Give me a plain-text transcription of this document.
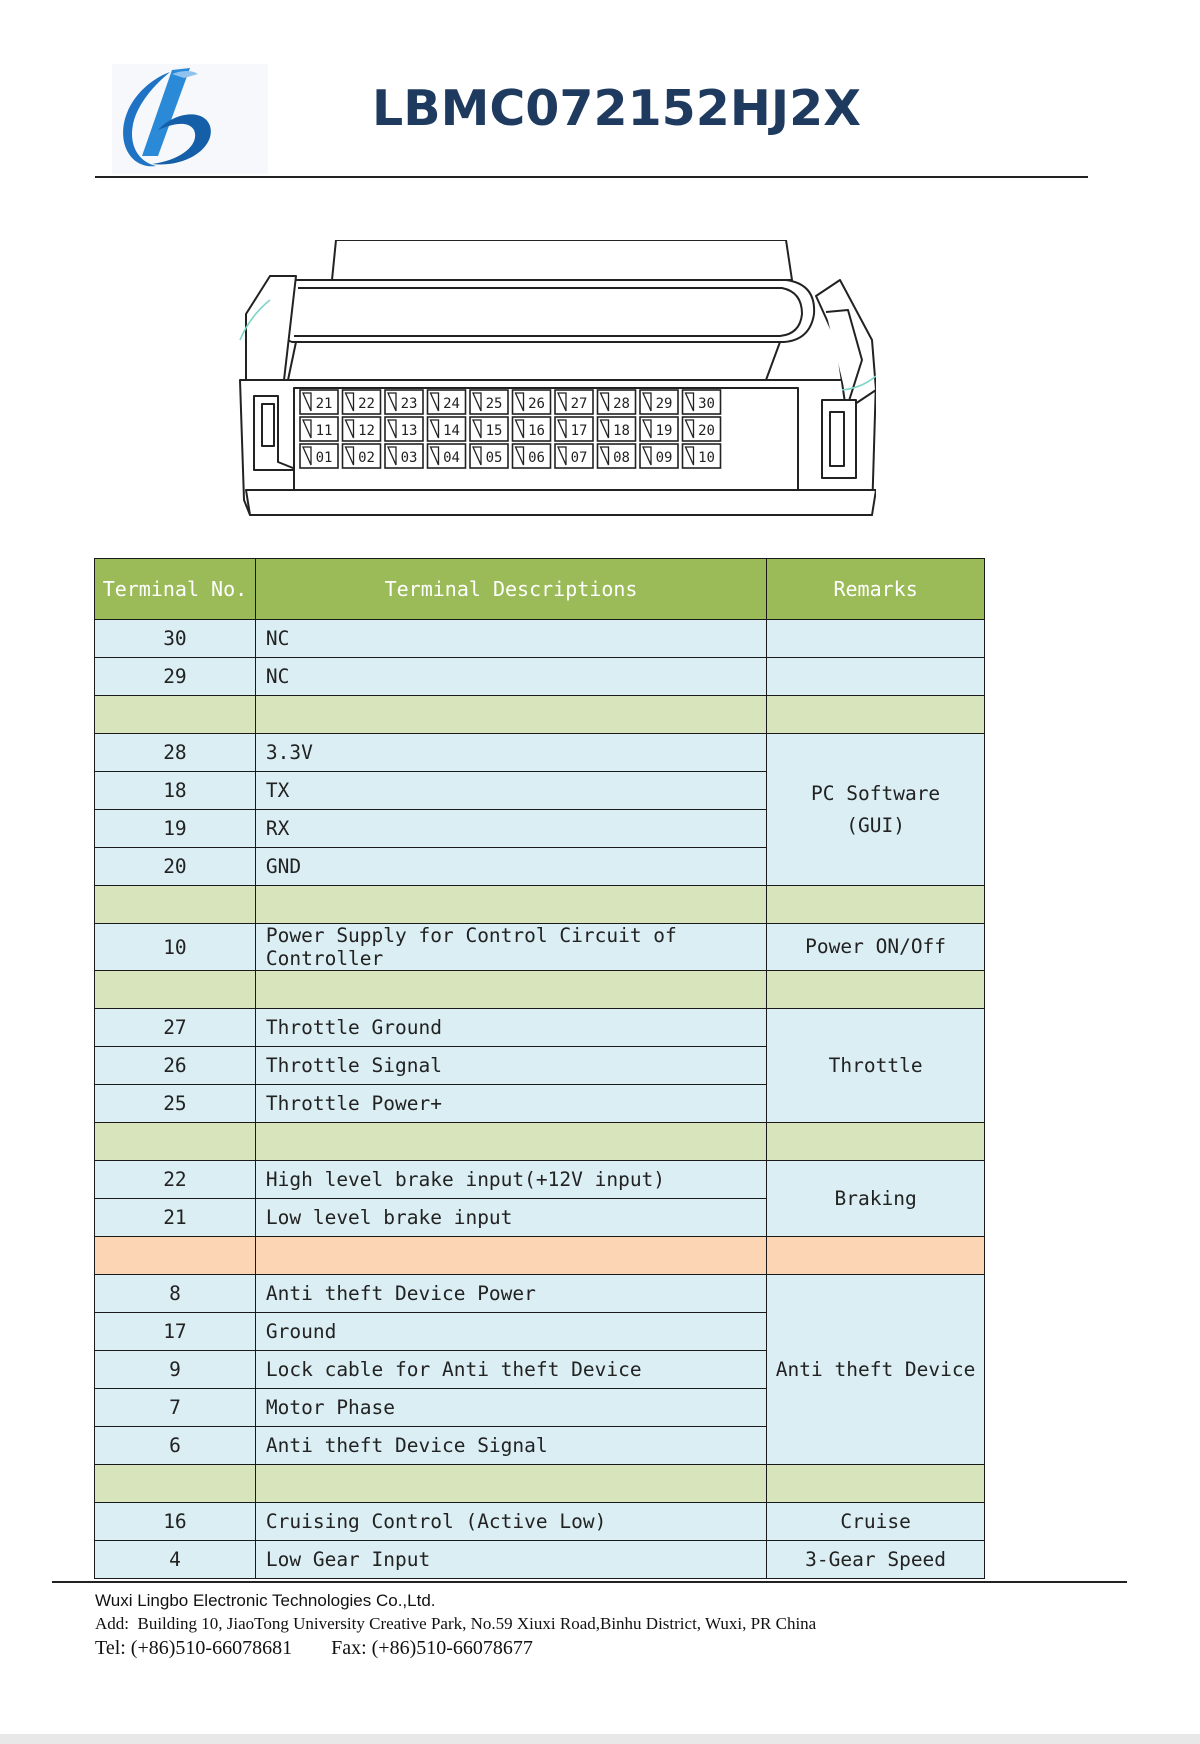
LBMC072152HJ2X
21 22 23 24 25 26 27 28 29 30
11 12 13 14 15 16 17 18 19 20
01 02 03 04 05 06 07 08 09 10
Terminal No.	Terminal Descriptions	Remarks
30	NC	
29	NC	

28	3.3V	PC Software
(GUI)
18	TX	
19	RX	
20	GND	

10	Power Supply for Control Circuit of Controller	Power ON/Off

27	Throttle Ground	Throttle
26	Throttle Signal	
25	Throttle Power+	

22	High level brake input(+12V input)	Braking
21	Low level brake input	

8	Anti theft Device Power	Anti theft Device
17	Ground	
9	Lock cable for Anti theft Device	
7	Motor Phase	
6	Anti theft Device Signal	

16	Cruising Control (Active Low)	Cruise
4	Low Gear Input	3-Gear Speed
Wuxi Lingbo Electronic Technologies Co.,Ltd.
Add:  Building 10, JiaoTong University Creative Park, No.59 Xiuxi Road,Binhu District, Wuxi, PR China
Tel: (+86)510-66078681 Fax: (+86)510-66078677
